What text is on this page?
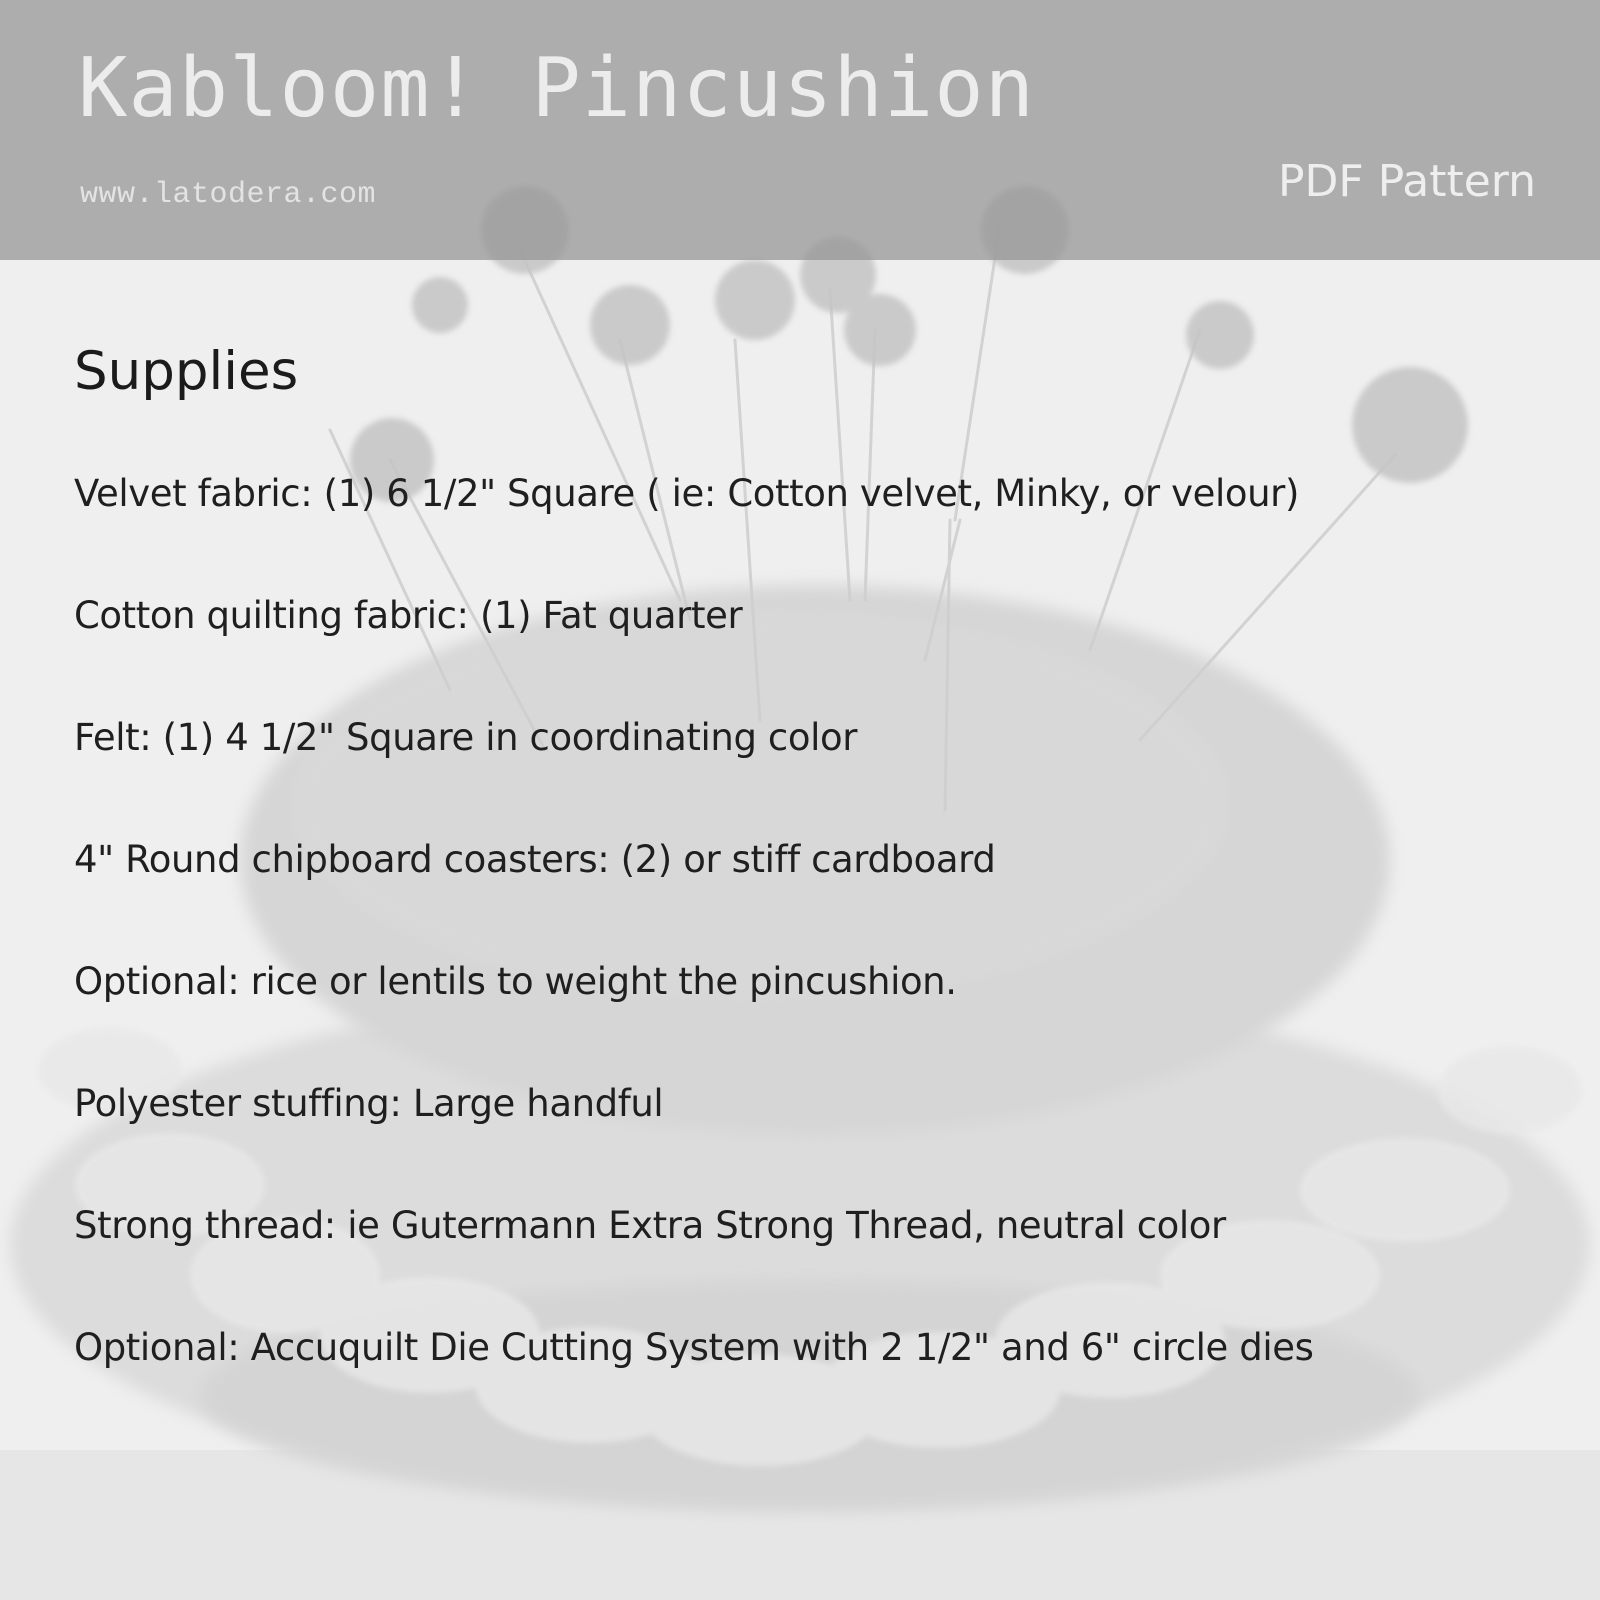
Kabloom! Pincushion
www.latodera.com	PDF Pattern
Supplies
Velvet fabric: (1) 6 1/2" Square ( ie: Cotton velvet, Minky, or velour)
Cotton quilting fabric: (1) Fat quarter
Felt: (1) 4 1/2" Square in coordinating color
4" Round chipboard coasters: (2) or stiff cardboard
Optional: rice or lentils to weight the pincushion.
Polyester stuffing: Large handful
Strong thread: ie Gutermann Extra Strong Thread, neutral color
Optional: Accuquilt Die Cutting System with 2 1/2" and 6" circle dies
